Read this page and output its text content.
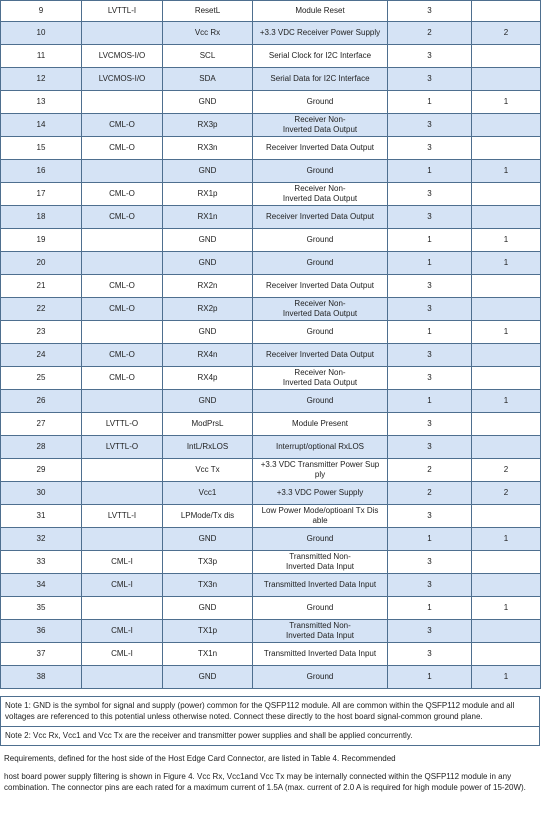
9	LVTTL-I	ResetL	Module Reset	3	
10		Vcc Rx	+3.3 VDC Receiver Power Supply	2	2
11	LVCMOS-I/O	SCL	Serial Clock for I2C Interface	3	
12	LVCMOS-I/O	SDA	Serial Data for I2C Interface	3	
13		GND	Ground	1	1
14	CML-O	RX3p	Receiver Non-
Inverted Data Output	3	
15	CML-O	RX3n	Receiver Inverted Data Output	3	
16		GND	Ground	1	1
17	CML-O	RX1p	Receiver Non-
Inverted Data Output	3	
18	CML-O	RX1n	Receiver Inverted Data Output	3	
19		GND	Ground	1	1
20		GND	Ground	1	1
21	CML-O	RX2n	Receiver Inverted Data Output	3	
22	CML-O	RX2p	Receiver Non-
Inverted Data Output	3	
23		GND	Ground	1	1
24	CML-O	RX4n	Receiver Inverted Data Output	3	
25	CML-O	RX4p	Receiver Non-
Inverted Data Output	3	
26		GND	Ground	1	1
27	LVTTL-O	ModPrsL	Module Present	3	
28	LVTTL-O	IntL/RxLOS	Interrupt/optional RxLOS	3	
29		Vcc Tx	+3.3 VDC Transmitter Power Sup
ply	2	2
30		Vcc1	+3.3 VDC Power Supply	2	2
31	LVTTL-I	LPMode/Tx dis	Low Power Mode/optioanl Tx Dis
able	3	
32		GND	Ground	1	1
33	CML-I	TX3p	Transmitted Non-
Inverted Data Input	3	
34	CML-I	TX3n	Transmitted Inverted Data Input	3	
35		GND	Ground	1	1
36	CML-I	TX1p	Transmitted Non-
Inverted Data Input	3	
37	CML-I	TX1n	Transmitted Inverted Data Input	3	
38		GND	Ground	1	1
Note 1: GND is the symbol for signal and supply (power) common for the QSFP112 module. All are common within the QSFP112 module and all voltages are referenced to this potential unless otherwise noted. Connect these directly to the host board signal-common ground plane.
Note 2: Vcc Rx, Vcc1 and Vcc Tx are the receiver and transmitter power supplies and shall be applied concurrently.
Requirements, defined for the host side of the Host Edge Card Connector, are listed in Table 4. Recommended
host board power supply filtering is shown in Figure 4. Vcc Rx, Vcc1and Vcc Tx may be internally connected within the QSFP112 module in any combination. The connector pins are each rated for a maximum current of 1.5A (max. current of 2.0 A is required for high module power of 15-20W).
